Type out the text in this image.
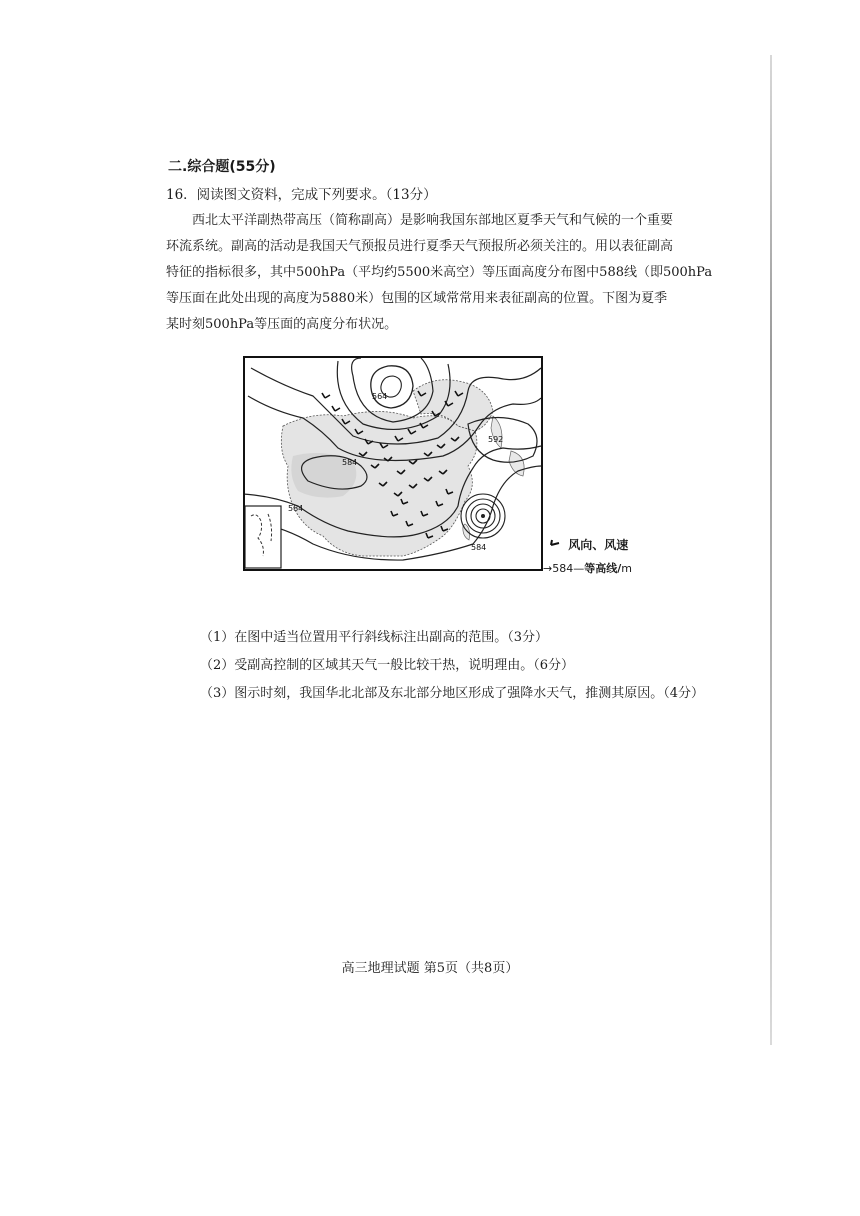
二.综合题(55分)
16．阅读图文资料，完成下列要求。（13分）
西北太平洋副热带高压（简称副高）是影响我国东部地区夏季天气和气候的一个重要
环流系统。副高的活动是我国天气预报员进行夏季天气预报所必须关注的。用以表征副高
特征的指标很多，其中500hPa（平均约5500米高空）等压面高度分布图中588线（即500hPa
等压面在此处出现的高度为5880米）包围的区域常常用来表征副高的位置。下图为夏季
某时刻500hPa等压面的高度分布状况。
564
592
584
584
584	风向、风速
→584—等高线/m
（1）在图中适当位置用平行斜线标注出副高的范围。（3分）
（2）受副高控制的区域其天气一般比较干热，说明理由。（6分）
（3）图示时刻，我国华北北部及东北部分地区形成了强降水天气，推测其原因。（4分）
高三地理试题 第5页（共8页）
